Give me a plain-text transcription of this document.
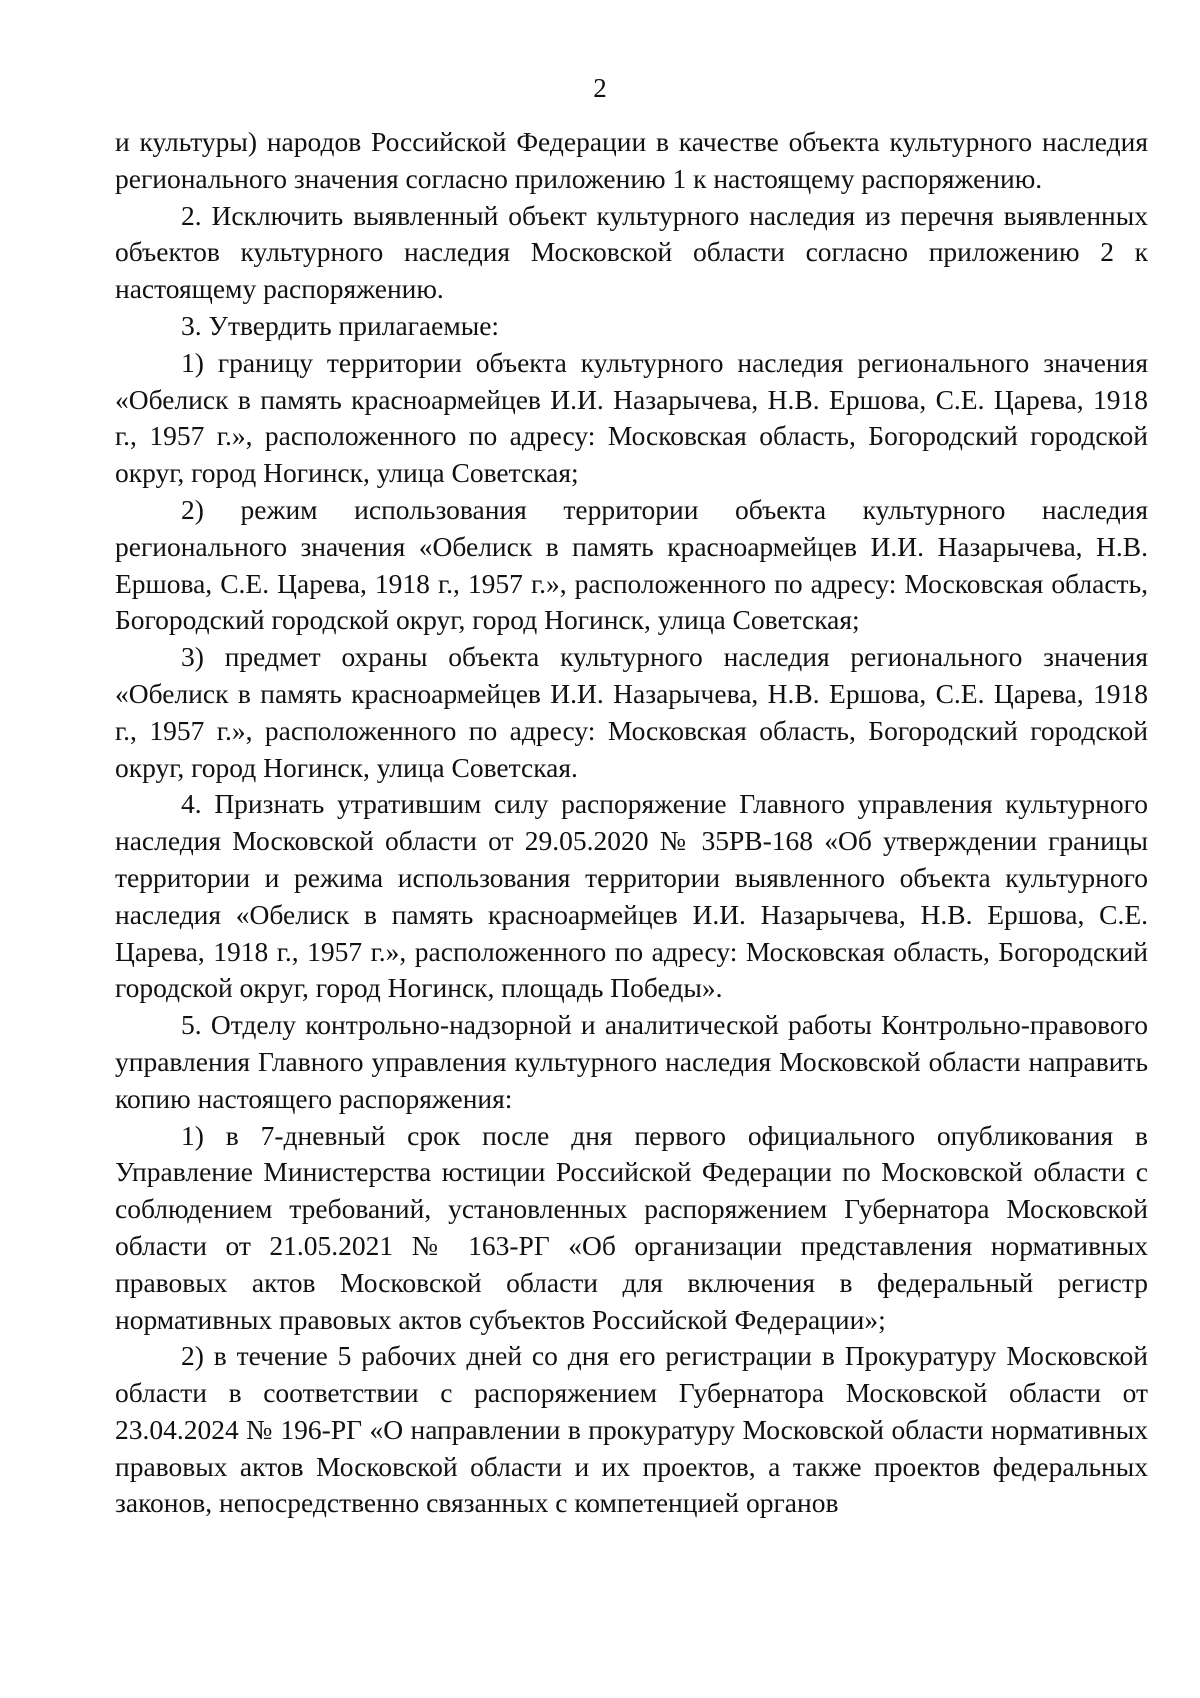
2

и культуры) народов Российской Федерации в качестве объекта культурного наследия регионального значения согласно приложению 1 к настоящему распоряжению.

2. Исключить выявленный объект культурного наследия из перечня выявленных объектов культурного наследия Московской области согласно приложению 2 к настоящему распоряжению.

3. Утвердить прилагаемые:

1) границу территории объекта культурного наследия регионального значения «Обелиск в память красноармейцев И.И. Назарычева, Н.В. Ершова, С.Е. Царева, 1918 г., 1957 г.», расположенного по адресу: Московская область, Богородский городской округ, город Ногинск, улица Советская;

2) режим использования территории объекта культурного наследия регионального значения «Обелиск в память красноармейцев И.И. Назарычева, Н.В. Ершова, С.Е. Царева, 1918 г., 1957 г.», расположенного по адресу: Московская область, Богородский городской округ, город Ногинск, улица Советская;

3) предмет охраны объекта культурного наследия регионального значения «Обелиск в память красноармейцев И.И. Назарычева, Н.В. Ершова, С.Е. Царева, 1918 г., 1957 г.», расположенного по адресу: Московская область, Богородский городской округ, город Ногинск, улица Советская.

4. Признать утратившим силу распоряжение Главного управления культурного наследия Московской области от 29.05.2020 № 35РВ-168 «Об утверждении границы территории и режима использования территории выявленного объекта культурного наследия «Обелиск в память красноармейцев И.И. Назарычева, Н.В. Ершова, С.Е. Царева, 1918 г., 1957 г.», расположенного по адресу: Московская область, Богородский городской округ, город Ногинск, площадь Победы».

5. Отделу контрольно-надзорной и аналитической работы Контрольно-правового управления Главного управления культурного наследия Московской области направить копию настоящего распоряжения:

1) в 7-дневный срок после дня первого официального опубликования в Управление Министерства юстиции Российской Федерации по Московской области с соблюдением требований, установленных распоряжением Губернатора Московской области от 21.05.2021 № 163-РГ «Об организации представления нормативных правовых актов Московской области для включения в федеральный регистр нормативных правовых актов субъектов Российской Федерации»;

2) в течение 5 рабочих дней со дня его регистрации в Прокуратуру Московской области в соответствии с распоряжением Губернатора Московской области от 23.04.2024 № 196-РГ «О направлении в прокуратуру Московской области нормативных правовых актов Московской области и их проектов, а также проектов федеральных законов, непосредственно связанных с компетенцией органов
